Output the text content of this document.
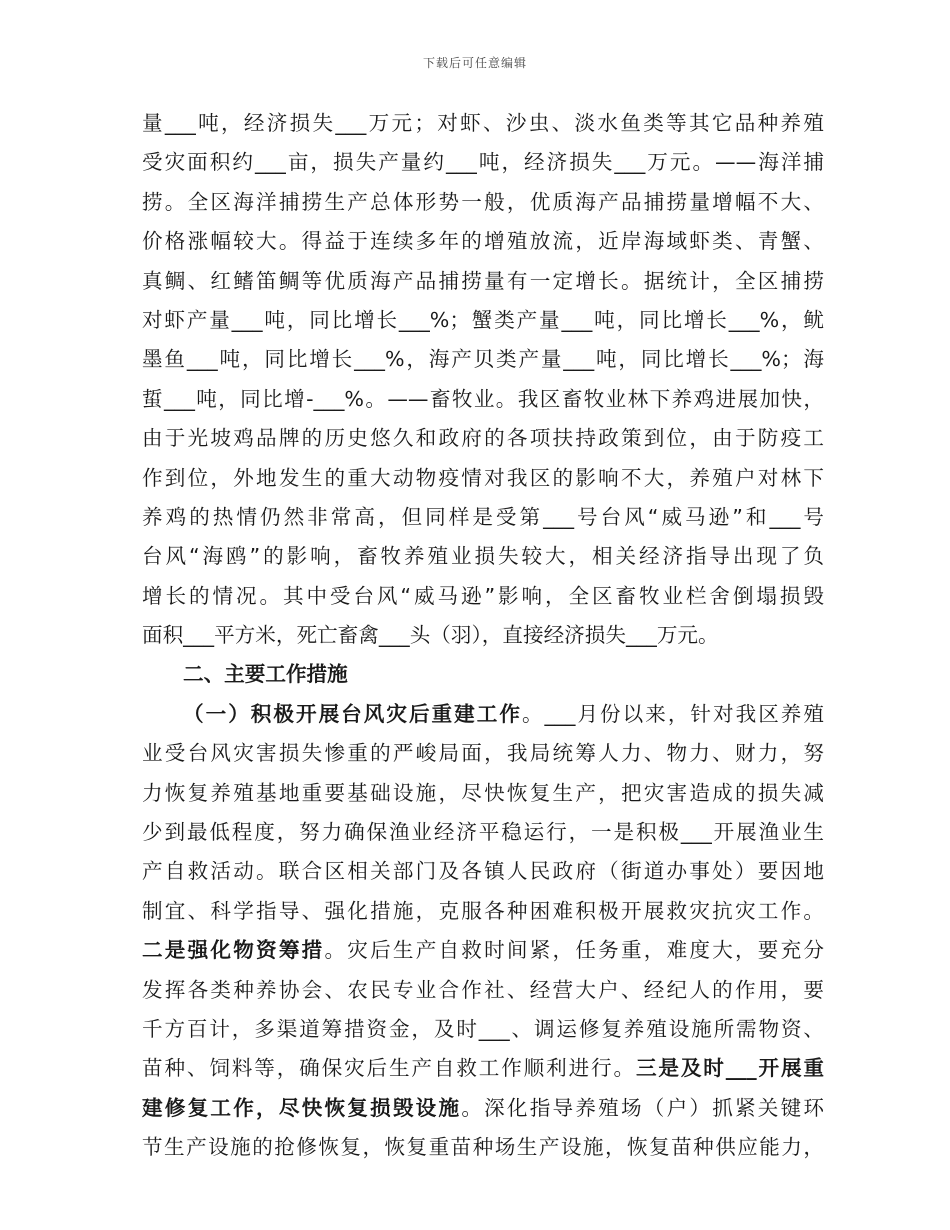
下载后可任意编辑
量___吨，经济损失___万元；对虾、沙虫、淡水鱼类等其它品种养殖
受灾面积约___亩，损失产量约___吨，经济损失___万元。——海洋捕
捞。全区海洋捕捞生产总体形势一般，优质海产品捕捞量增幅不大、
价格涨幅较大。得益于连续多年的增殖放流，近岸海域虾类、青蟹、
真鲷、红鳍笛鲷等优质海产品捕捞量有一定增长。据统计，全区捕捞
对虾产量___吨，同比增长___%；蟹类产量___吨，同比增长___%，鱿
墨鱼___吨，同比增长___%，海产贝类产量___吨，同比增长___%；海
蜇___吨，同比增-___%。——畜牧业。我区畜牧业林下养鸡进展加快，
由于光坡鸡品牌的历史悠久和政府的各项扶持政策到位，由于防疫工
作到位，外地发生的重大动物疫情对我区的影响不大，养殖户对林下
养鸡的热情仍然非常高，但同样是受第___号台风“威马逊”和___号
台风“海鸥”的影响，畜牧养殖业损失较大，相关经济指导出现了负
增长的情况。其中受台风“威马逊”影响，全区畜牧业栏舍倒塌损毁
面积___平方米，死亡畜禽___头（羽），直接经济损失___万元。
二、主要工作措施
（一）积极开展台风灾后重建工作。___月份以来，针对我区养殖
业受台风灾害损失惨重的严峻局面，我局统筹人力、物力、财力，努
力恢复养殖基地重要基础设施，尽快恢复生产，把灾害造成的损失减
少到最低程度，努力确保渔业经济平稳运行，一是积极___开展渔业生
产自救活动。联合区相关部门及各镇人民政府（街道办事处）要因地
制宜、科学指导、强化措施，克服各种困难积极开展救灾抗灾工作。
二是强化物资筹措。灾后生产自救时间紧，任务重，难度大，要充分
发挥各类种养协会、农民专业合作社、经营大户、经纪人的作用，要
千方百计，多渠道筹措资金，及时___、调运修复养殖设施所需物资、
苗种、饲料等，确保灾后生产自救工作顺利进行。三是及时___开展重
建修复工作，尽快恢复损毁设施。深化指导养殖场（户）抓紧关键环
节生产设施的抢修恢复，恢复重苗种场生产设施，恢复苗种供应能力，
